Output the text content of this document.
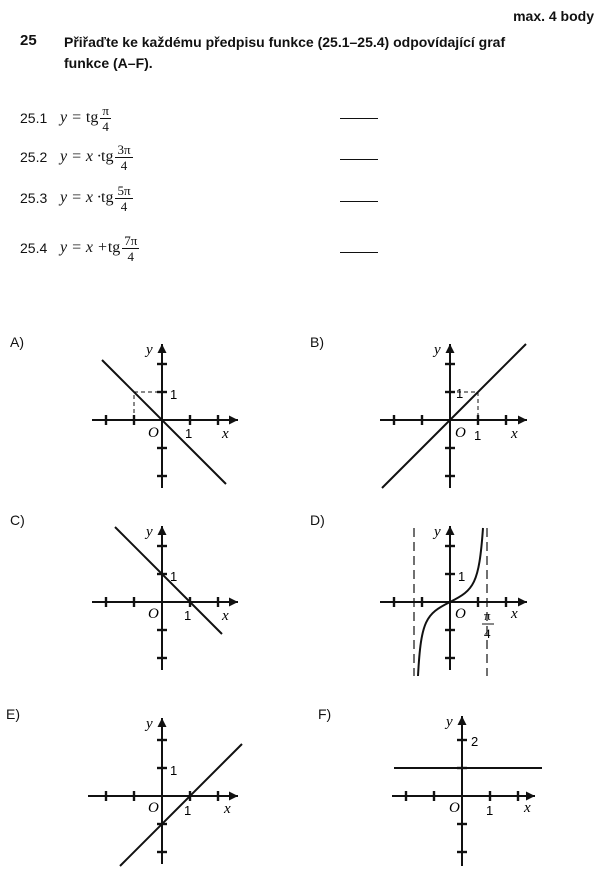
max. 4 body
25 Přiřaďte ke každému předpisu funkce (25.1–25.4) odpovídající graf funkce (A–F).
25.1 y =
tg $\frac{\pi}{4}$
25.2 y =
x · tg $\frac{3\pi}{4}$
25.3 y =
x · tg $\frac{5\pi}{4}$
25.4 y =
x + tg $\frac{7\pi}{4}$
A)	B)
C)	D)
E)	F)
y
x
O
1
1
y
x
O
1
1
y
x
O
1
1
y
x
O
1
π
4
y
x
O
1
1
y
x
O
2
1
